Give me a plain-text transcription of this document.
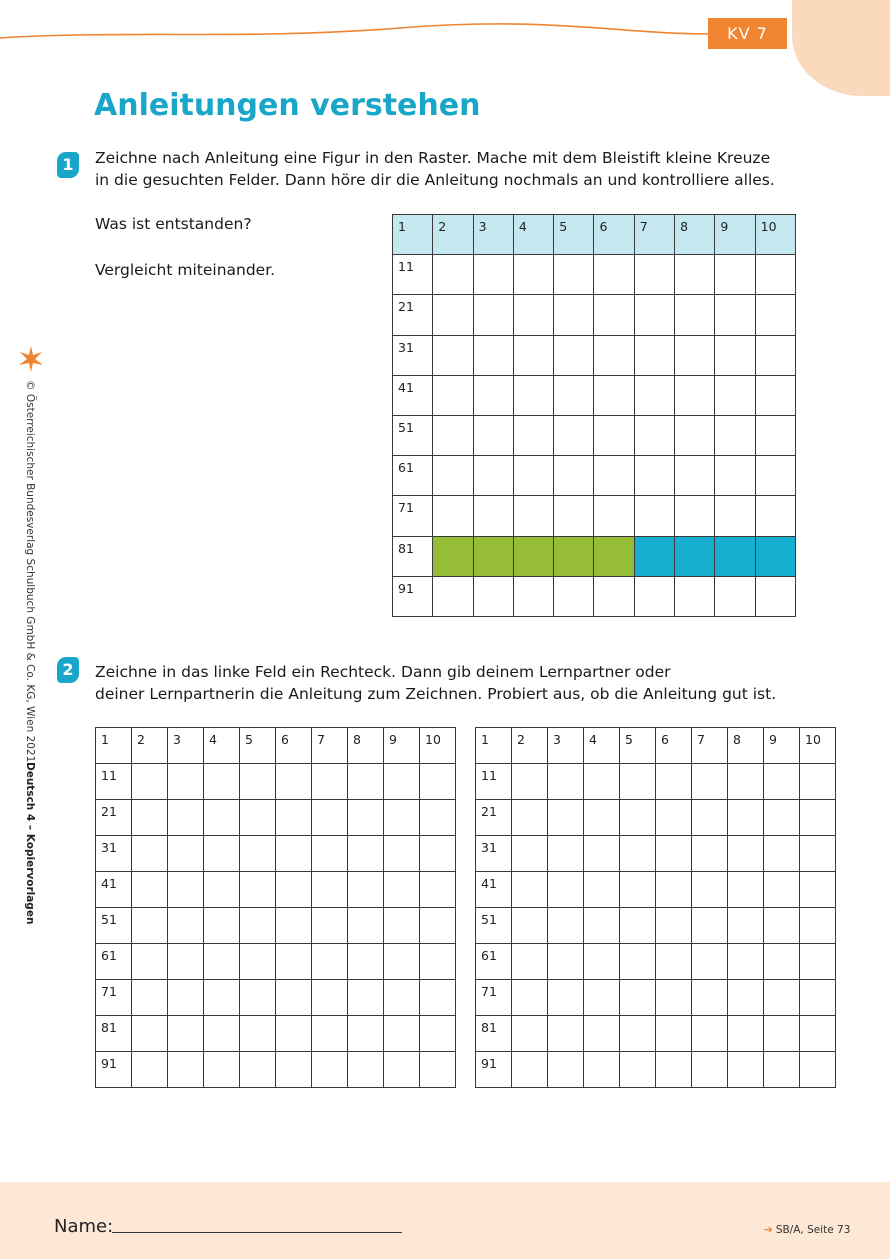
KV 7
Anleitungen verstehen
1	Zeichne nach Anleitung eine Figur in den Raster. Mache mit dem Bleistift kleine Kreuze
in die gesuchten Felder. Dann höre dir die Anleitung nochmals an und kontrolliere alles.
Was ist entstanden?
Vergleicht miteinander.
1	2	3	4	5	6	7	8	9	10
11									
21									
31									
41									
51									
61									
71									
81									
91									
2	Zeichne in das linke Feld ein Rechteck. Dann gib deinem Lernpartner oder
deiner Lernpartnerin die Anleitung zum Zeichnen. Probiert aus, ob die Anleitung gut ist.
1	2	3	4	5	6	7	8	9	10
11									
21									
31									
41									
51									
61									
71									
81									
91									
1	2	3	4	5	6	7	8	9	10
11									
21									
31									
41									
51									
61									
71									
81									
91									
© Österreichischer Bundesverlag Schulbuch GmbH & Co. KG, Wien 2021
Deutsch 4 – Kopiervorlagen
Name:	➔ SB/A, Seite 73
